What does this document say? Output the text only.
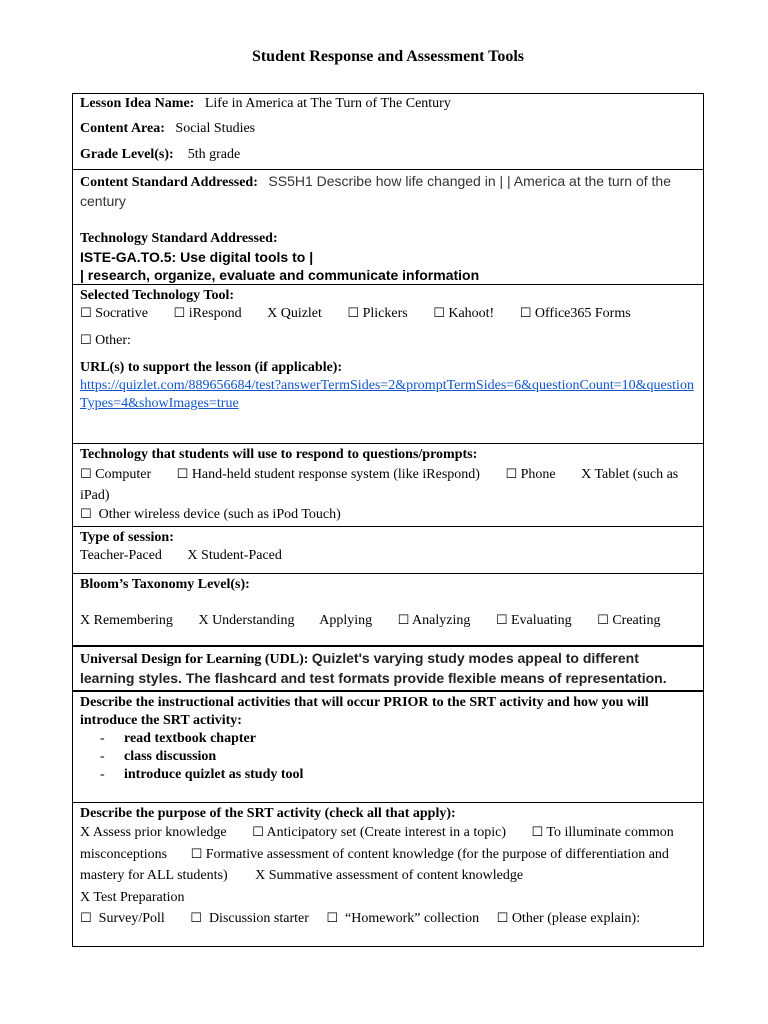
Student Response and Assessment Tools
Lesson Idea Name: Life in America at The Turn of The Century
Content Area: Social Studies
Grade Level(s): 5th grade
Content Standard Addressed: SS5H1 Describe how life changed in | | America at the turn of the century
Technology Standard Addressed:
ISTE-GA.TO.5: Use digital tools to |
| research, organize, evaluate and communicate information
Selected Technology Tool:
☐ Socrative ☐ iRespond X Quizlet ☐ Plickers ☐ Kahoot! ☐ Office365 Forms
☐ Other:
URL(s) to support the lesson (if applicable):
https://quizlet.com/889656684/test?answerTermSides=2&promptTermSides=6&questionCount=10&questionTypes=4&showImages=true
Technology that students will use to respond to questions/prompts:
☐ Computer ☐ Hand-held student response system (like iRespond) ☐ Phone X Tablet (such as iPad)
☐ Other wireless device (such as iPod Touch)
Type of session:
Teacher-Paced X Student-Paced
Bloom’s Taxonomy Level(s):
X Remembering X Understanding Applying ☐ Analyzing ☐ Evaluating ☐ Creating
Universal Design for Learning (UDL): Quizlet's varying study modes appeal to different learning styles. The flashcard and test formats provide flexible means of representation.
Describe the instructional activities that will occur PRIOR to the SRT activity and how you will introduce the SRT activity:
- read textbook chapter
- class discussion
- introduce quizlet as study tool
Describe the purpose of the SRT activity (check all that apply):
X Assess prior knowledge ☐ Anticipatory set (Create interest in a topic) ☐ To illuminate common misconceptions ☐ Formative assessment of content knowledge (for the purpose of differentiation and mastery for ALL students) X Summative assessment of content knowledge
X Test Preparation
☐ Survey/Poll ☐ Discussion starter ☐ “Homework” collection ☐ Other (please explain):
